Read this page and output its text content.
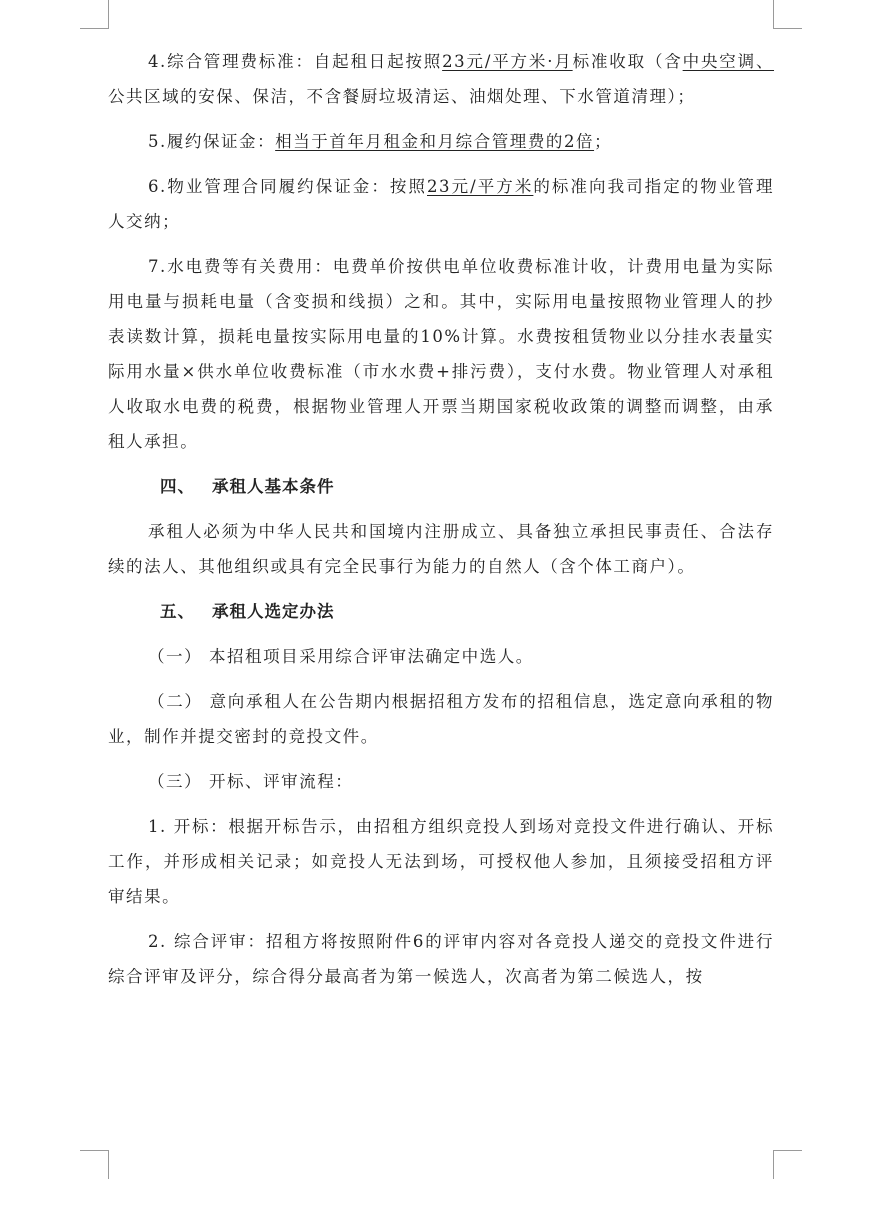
4.综合管理费标准：自起租日起按照23元/平方米·月标准收取（含中央空调、公共区域的安保、保洁，不含餐厨垃圾清运、油烟处理、下水管道清理）；

5.履约保证金：相当于首年月租金和月综合管理费的2倍；

6.物业管理合同履约保证金：按照23元/平方米的标准向我司指定的物业管理人交纳；

7.水电费等有关费用：电费单价按供电单位收费标准计收，计费用电量为实际用电量与损耗电量（含变损和线损）之和。其中，实际用电量按照物业管理人的抄表读数计算，损耗电量按实际用电量的10%计算。水费按租赁物业以分挂水表量实际用水量×供水单位收费标准（市水水费+排污费），支付水费。物业管理人对承租人收取水电费的税费，根据物业管理人开票当期国家税收政策的调整而调整，由承租人承担。

四、 承租人基本条件

承租人必须为中华人民共和国境内注册成立、具备独立承担民事责任、合法存续的法人、其他组织或具有完全民事行为能力的自然人（含个体工商户）。

五、 承租人选定办法

（一） 本招租项目采用综合评审法确定中选人。

（二） 意向承租人在公告期内根据招租方发布的招租信息，选定意向承租的物业，制作并提交密封的竞投文件。

（三） 开标、评审流程：

1. 开标：根据开标告示，由招租方组织竞投人到场对竞投文件进行确认、开标工作，并形成相关记录；如竞投人无法到场，可授权他人参加，且须接受招租方评审结果。

2. 综合评审：招租方将按照附件6的评审内容对各竞投人递交的竞投文件进行综合评审及评分，综合得分最高者为第一候选人，次高者为第二候选人，按
